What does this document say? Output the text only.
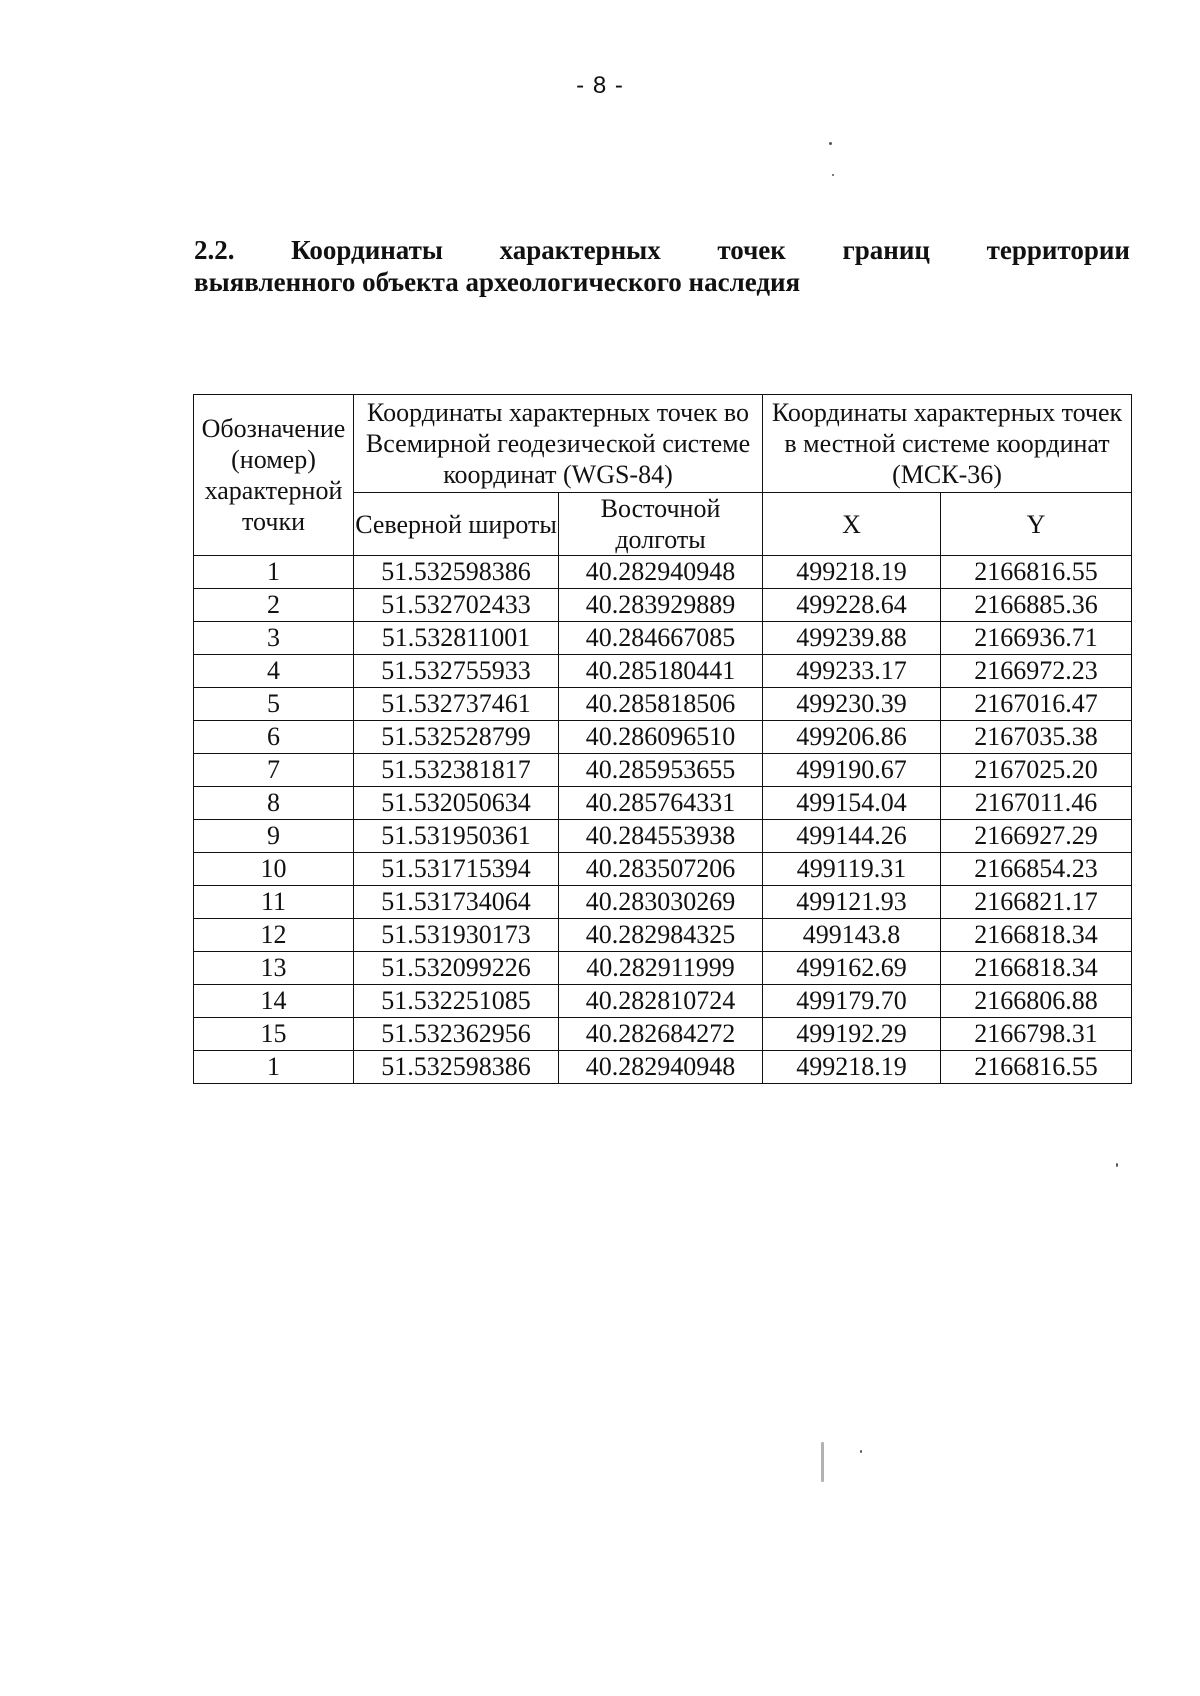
- 8 -
2.2. Координаты характерных точек границ территории
выявленного объекта археологического наследия
Обозначение (номер) характерной точки	Координаты характерных точек во Всемирной геодезической системе координат (WGS-84)		Координаты характерных точек в местной системе координат (МСК-36)	
	Северной широты	Восточной долготы	X	Y
1	51.532598386	40.282940948	499218.19	2166816.55
2	51.532702433	40.283929889	499228.64	2166885.36
3	51.532811001	40.284667085	499239.88	2166936.71
4	51.532755933	40.285180441	499233.17	2166972.23
5	51.532737461	40.285818506	499230.39	2167016.47
6	51.532528799	40.286096510	499206.86	2167035.38
7	51.532381817	40.285953655	499190.67	2167025.20
8	51.532050634	40.285764331	499154.04	2167011.46
9	51.531950361	40.284553938	499144.26	2166927.29
10	51.531715394	40.283507206	499119.31	2166854.23
11	51.531734064	40.283030269	499121.93	2166821.17
12	51.531930173	40.282984325	499143.8	2166818.34
13	51.532099226	40.282911999	499162.69	2166818.34
14	51.532251085	40.282810724	499179.70	2166806.88
15	51.532362956	40.282684272	499192.29	2166798.31
1	51.532598386	40.282940948	499218.19	2166816.55
